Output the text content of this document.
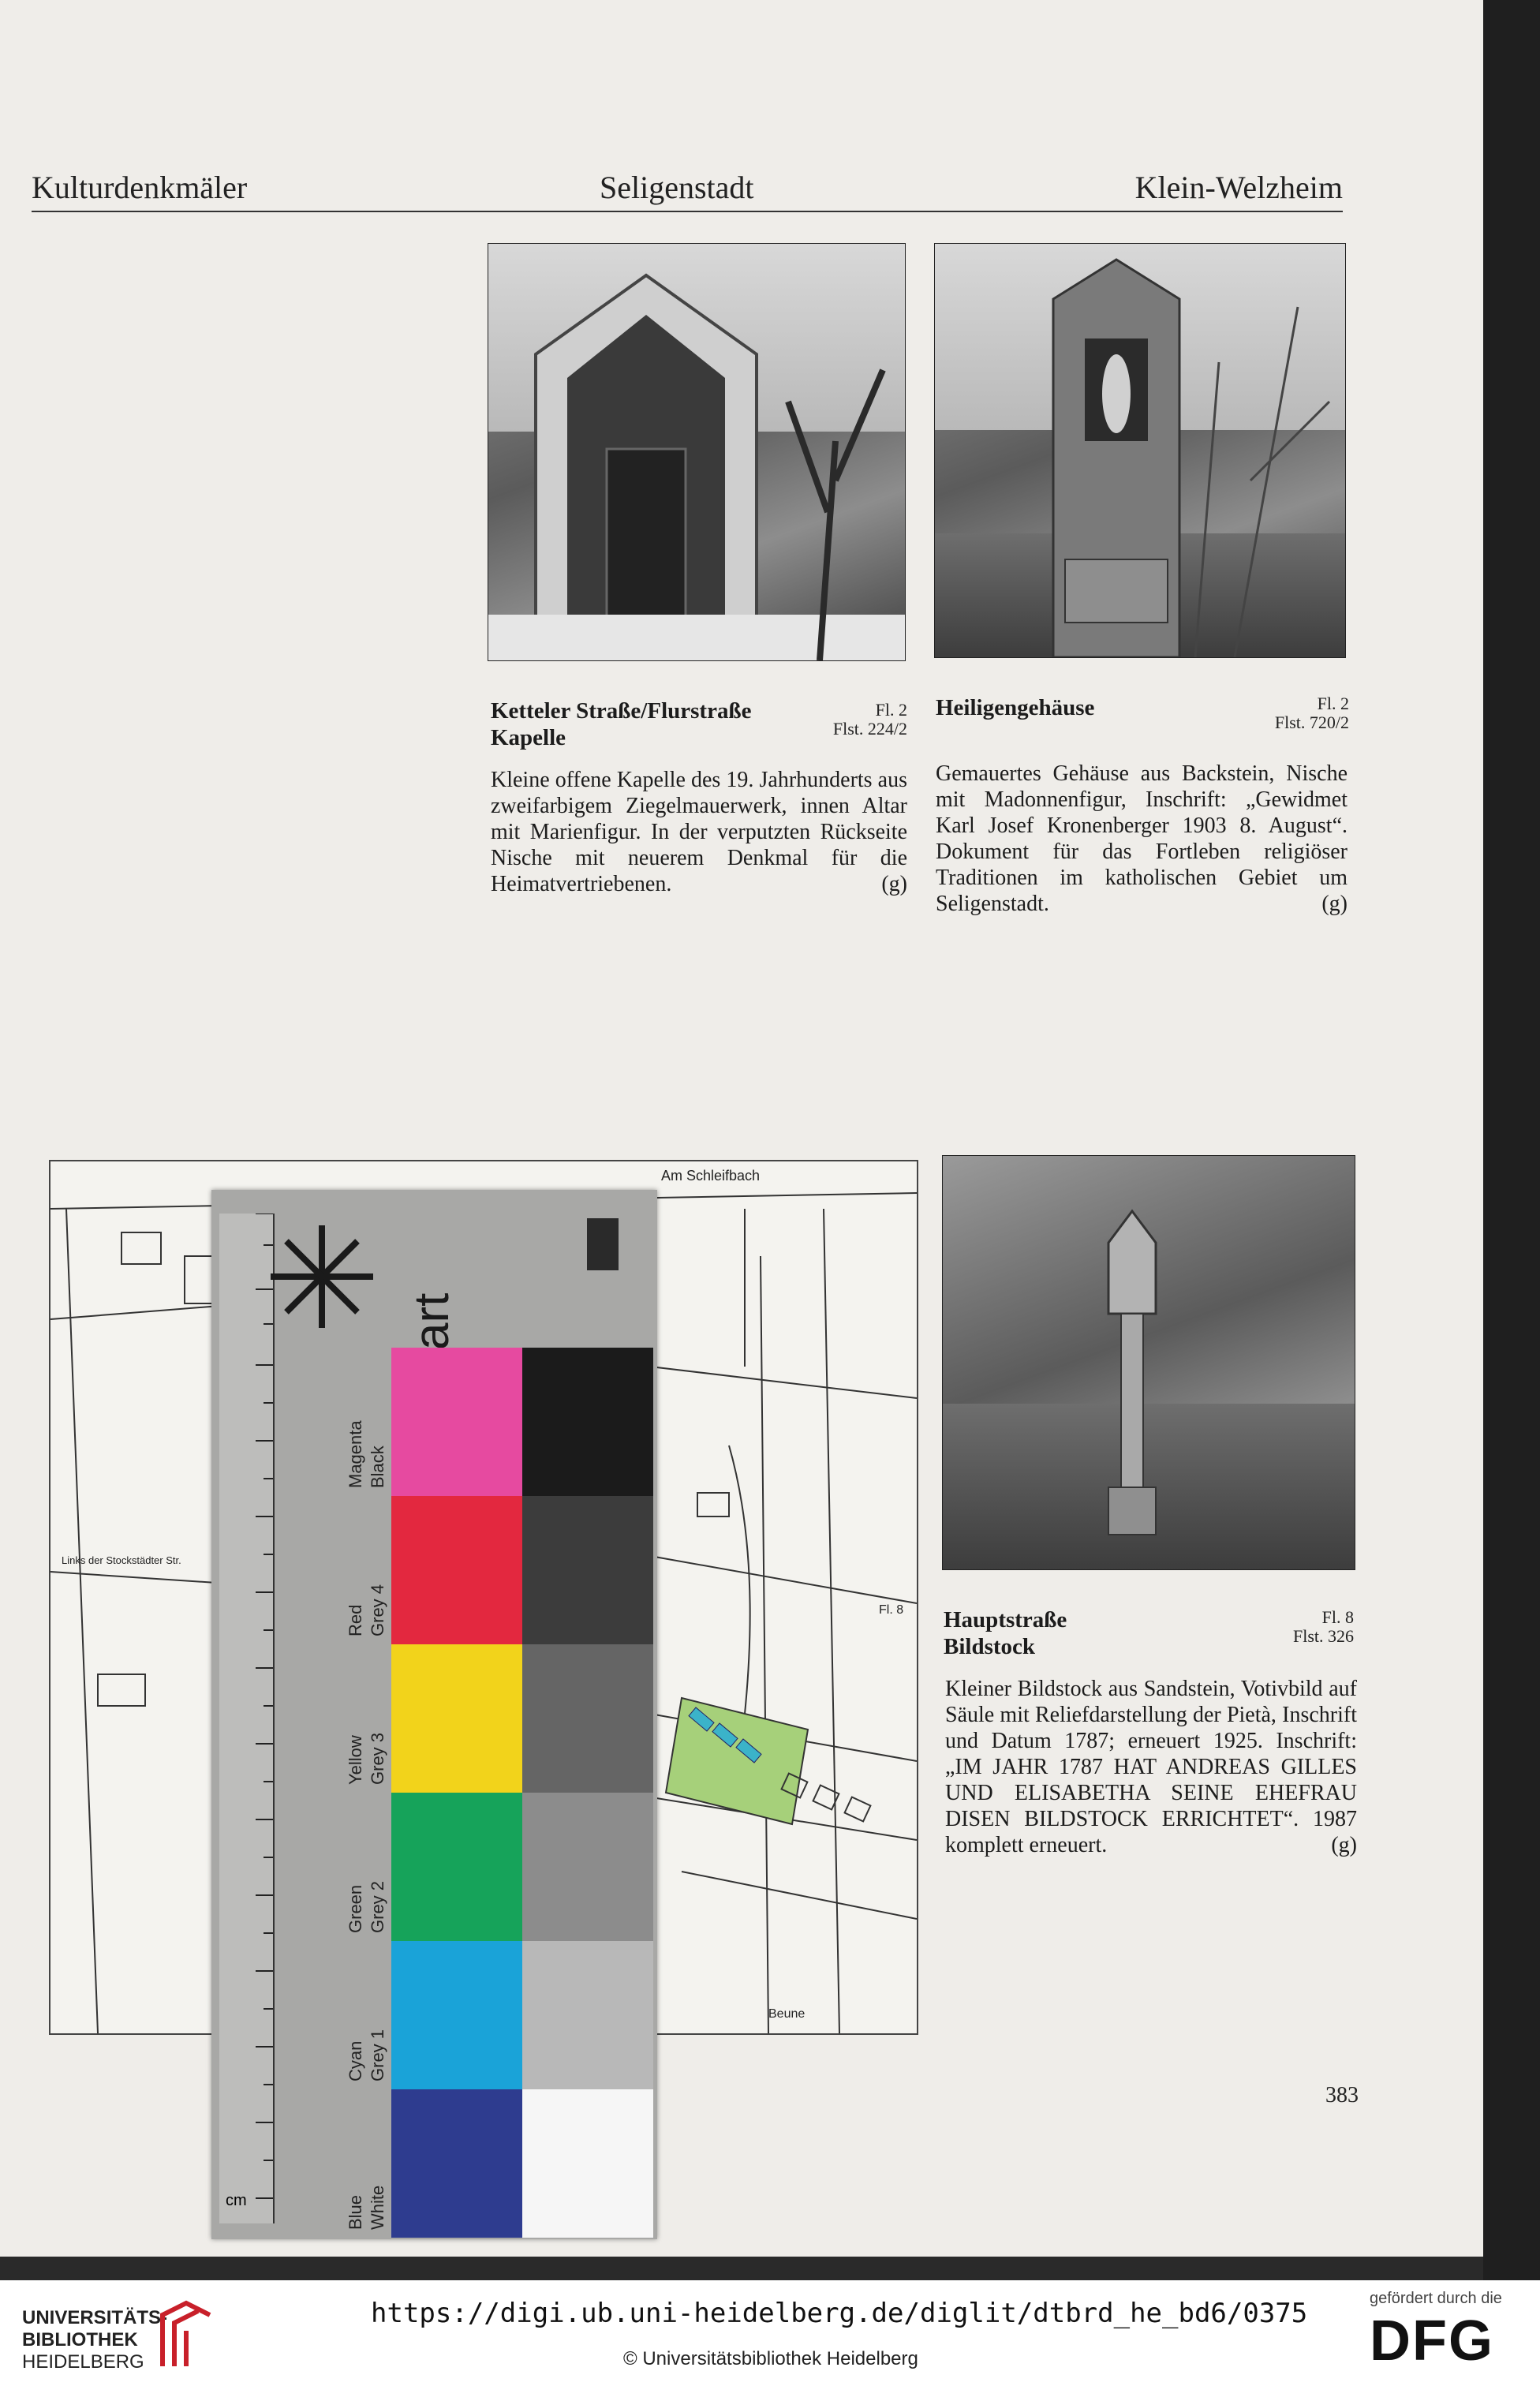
Kulturdenkmäler	Seligenstadt	Klein-Welzheim
Ketteler Straße/Flurstraße
Kapelle
Fl. 2
Flst. 224/2
Kleine offene Kapelle des 19. Jahrhunderts aus zweifarbigem Ziegelmauerwerk, innen Altar mit Marienfigur. In der verputzten Rückseite Nische mit neuerem Denkmal für die Heimatvertriebenen.	(g)
Heiligengehäuse	Fl. 2
Flst. 720/2
Gemauertes Gehäuse aus Backstein, Nische mit Madonnenfigur, Inschrift: „Gewidmet Karl Josef Kronenberger 1903 8. August“. Dokument für das Fortleben religiöser Traditionen im katholischen Gebiet um Seligenstadt.	(g)
Am Schleifbach
Fl. 8
Beune
Links der Stockstädter Str.
Hauptstraße
Bildstock
Fl. 8
Flst. 326
Kleiner Bildstock aus Sandstein, Votivbild auf Säule mit Reliefdarstellung der Pietà, Inschrift und Datum 1787; erneuert 1925. Inschrift: „IM JAHR 1787 HAT ANDREAS GILLES UND ELISABETHA SEINE EHEFRAU DISEN BILDSTOCK ERRICHTET“. 1987 komplett erneuert.	(g)
383
cm	Blue
Cyan
Green
Yellow
Red
Magenta
White
Grey 1
Grey 2
Grey 3
Grey 4
Black
UNIVERSITÄTS-
BIBLIOTHEK
HEIDELBERG
https://digi.ub.uni-heidelberg.de/diglit/dtbrd_he_bd6/0375
© Universitätsbibliothek Heidelberg
gefördert durch die
DFG
